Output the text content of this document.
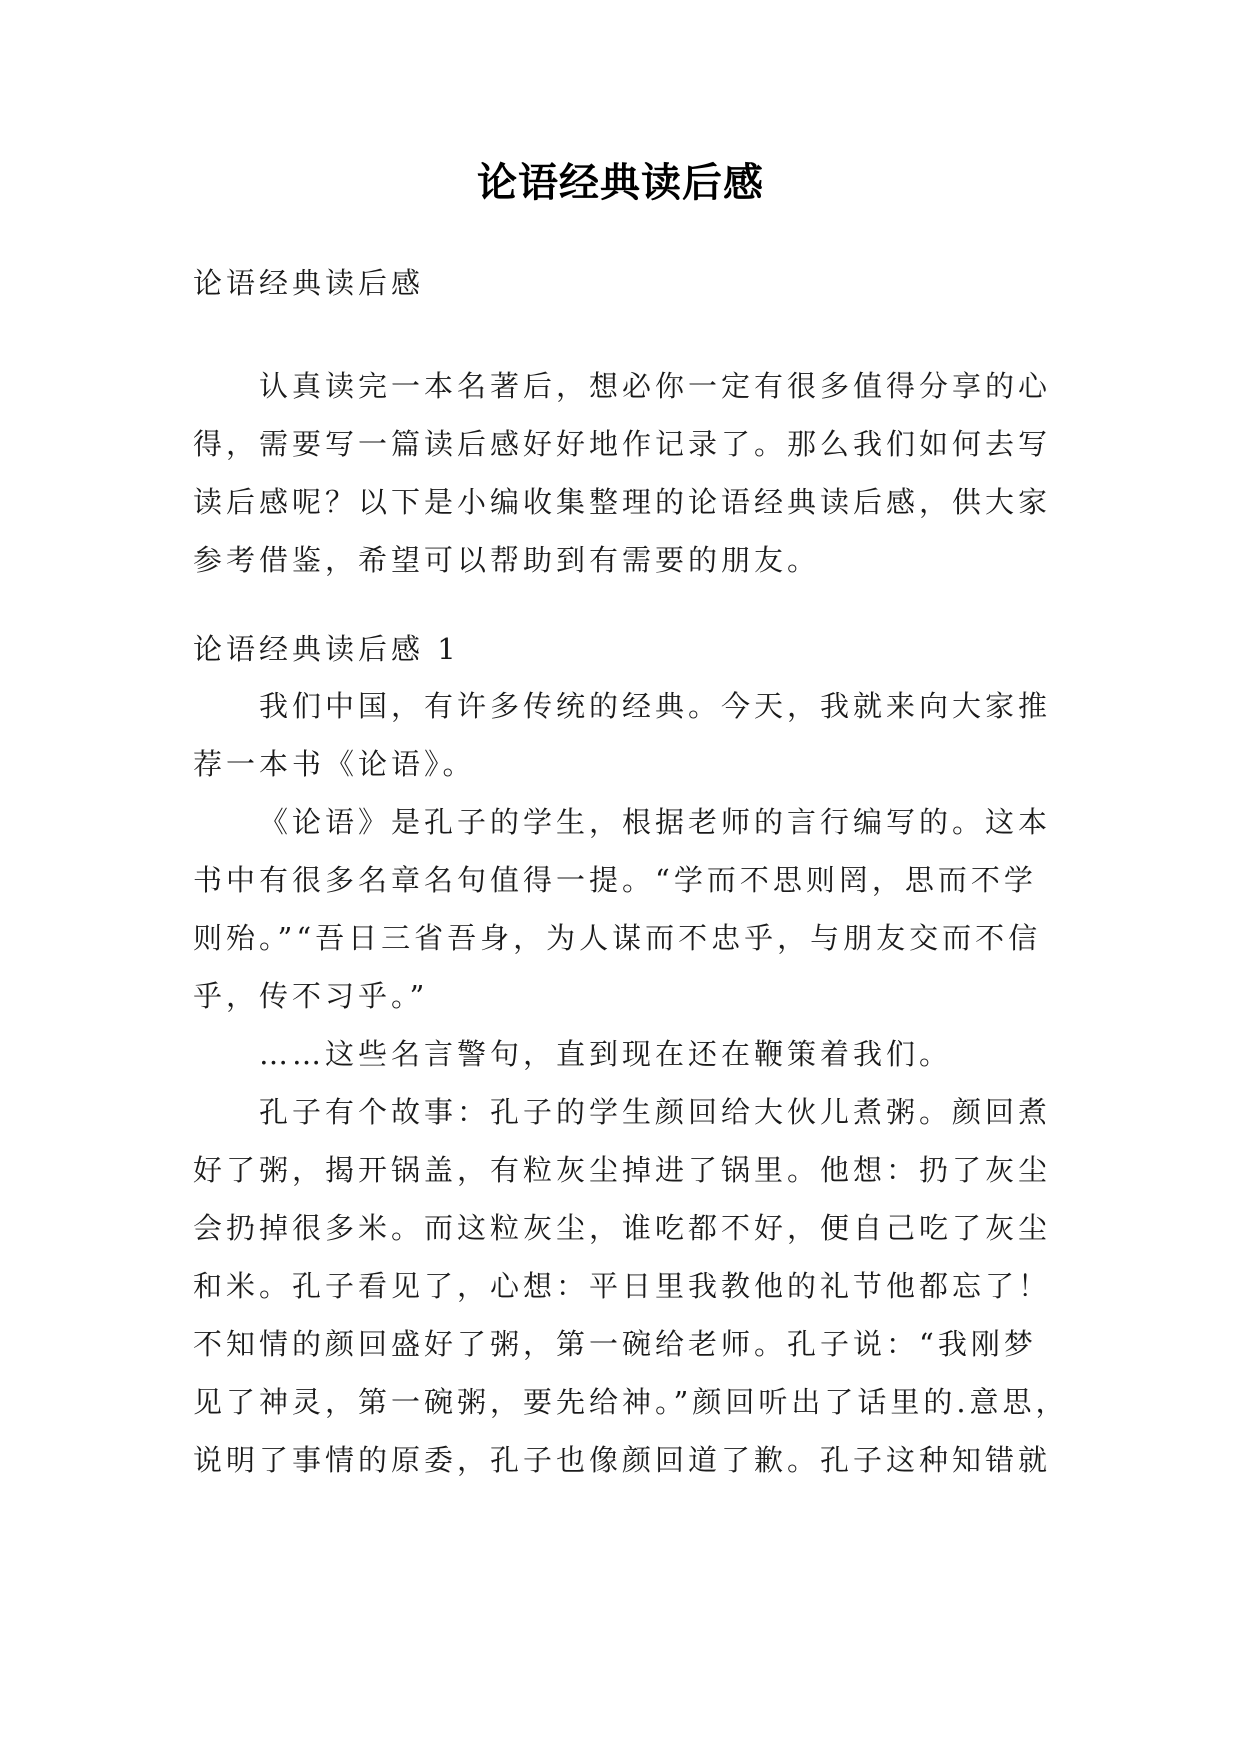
论语经典读后感
论语经典读后感
认真读完一本名著后，想必你一定有很多值得分享的心
得，需要写一篇读后感好好地作记录了。那么我们如何去写
读后感呢？以下是小编收集整理的论语经典读后感，供大家
参考借鉴，希望可以帮助到有需要的朋友。
论语经典读后感 1
我们中国，有许多传统的经典。今天，我就来向大家推
荐一本书《论语》。
《论语》是孔子的学生，根据老师的言行编写的。这本
书中有很多名章名句值得一提。“学而不思则罔，思而不学
则殆。”“吾日三省吾身，为人谋而不忠乎，与朋友交而不信
乎，传不习乎。”
……这些名言警句，直到现在还在鞭策着我们。
孔子有个故事：孔子的学生颜回给大伙儿煮粥。颜回煮
好了粥，揭开锅盖，有粒灰尘掉进了锅里。他想：扔了灰尘
会扔掉很多米。而这粒灰尘，谁吃都不好，便自己吃了灰尘
和米。孔子看见了，心想：平日里我教他的礼节他都忘了！
不知情的颜回盛好了粥，第一碗给老师。孔子说：“我刚梦
见了神灵，第一碗粥，要先给神。”颜回听出了话里的.意思，
说明了事情的原委，孔子也像颜回道了歉。孔子这种知错就
